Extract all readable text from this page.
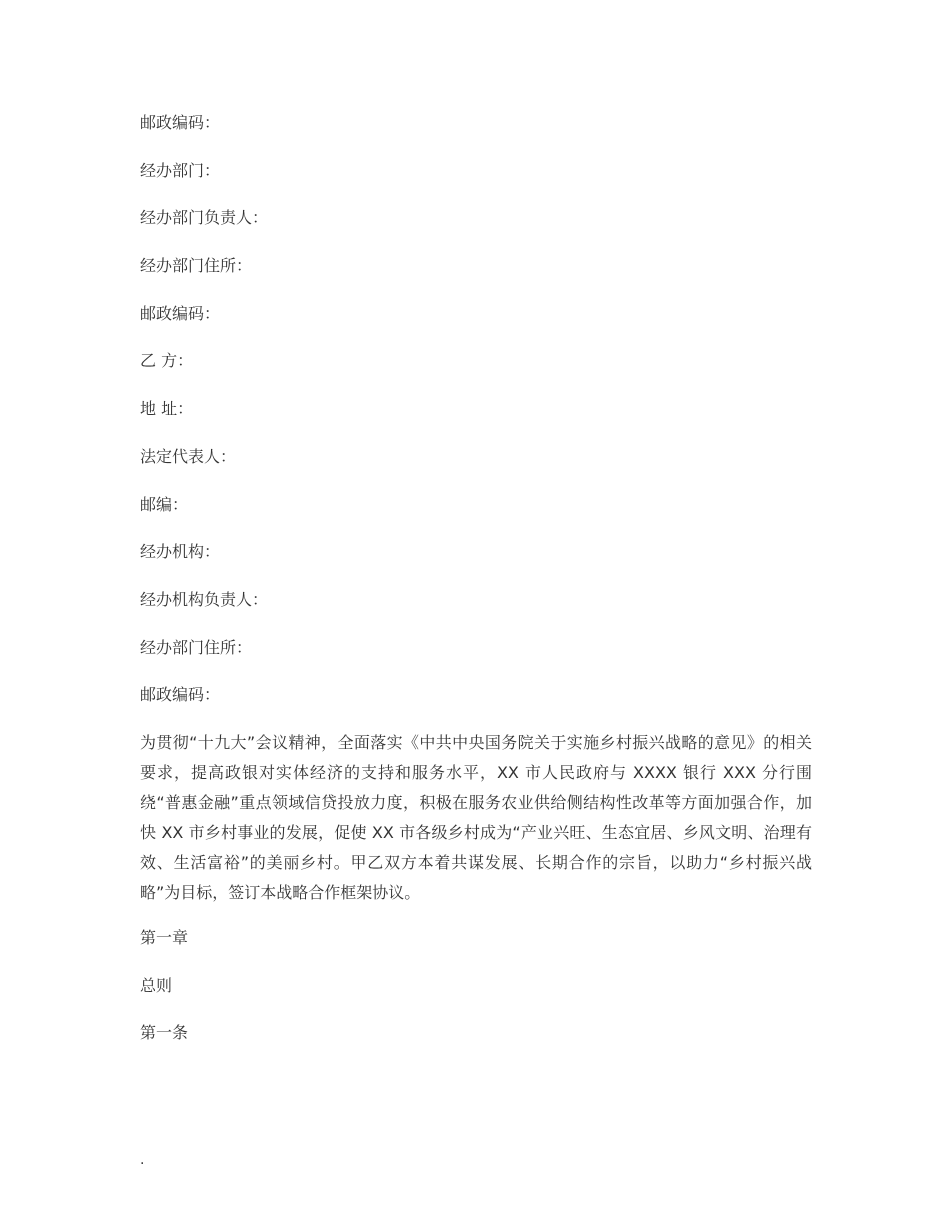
邮政编码：
经办部门：
经办部门负责人：
经办部门住所：
邮政编码：
乙 方：
地 址：
法定代表人：
邮编：
经办机构：
经办机构负责人：
经办部门住所：
邮政编码：

为贯彻“十九大”会议精神，全面落实《中共中央国务院关于实施乡村振兴战略的意见》的相关要求，提高政银对实体经济的支持和服务水平，XX 市人民政府与 XXXX 银行 XXX 分行围绕“普惠金融”重点领域信贷投放力度，积极在服务农业供给侧结构性改革等方面加强合作，加快 XX 市乡村事业的发展，促使 XX 市各级乡村成为“产业兴旺、生态宜居、乡风文明、治理有效、生活富裕”的美丽乡村。甲乙双方本着共谋发展、长期合作的宗旨，以助力“乡村振兴战略”为目标，签订本战略合作框架协议。

第一章
总则
第一条
.
